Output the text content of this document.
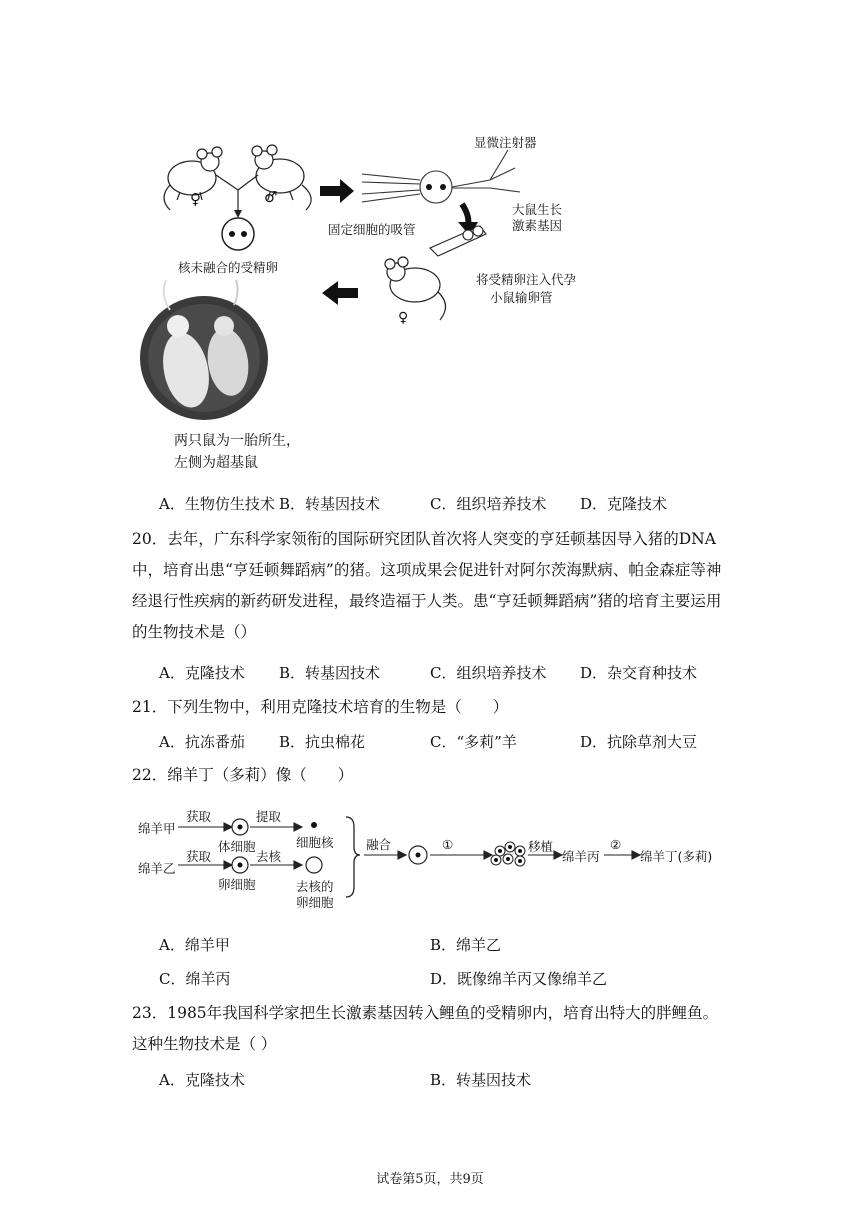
♀	♂
核未融合的受精卵
固定细胞的吸管
显微注射器
大鼠生长
激素基因
将受精卵注入代孕
小鼠输卵管
♀
两只鼠为一胎所生，
左侧为超基鼠
A．生物仿生技术 B．转基因技术	C．组织培养技术 D．克隆技术
20．去年，广东科学家领衔的国际研究团队首次将人突变的亨廷顿基因导入猪的DNA中，培育出患“亨廷顿舞蹈病”的猪。这项成果会促进针对阿尔茨海默病、帕金森症等神经退行性疾病的新药研发进程，最终造福于人类。患“亨廷顿舞蹈病”猪的培育主要运用的生物技术是（）
A．克隆技术 B．转基因技术	C．组织培养技术 D．杂交育种技术
21．下列生物中，利用克隆技术培育的生物是（　　）
A．抗冻番茄 B．抗虫棉花	C．“多莉”羊	D．抗除草剂大豆
22．绵羊丁（多莉）像（　　）
绵羊甲
获取	提取
体细胞	细胞核
绵羊乙
获取	去核
卵细胞	去核的
卵细胞
融合	①	移植
绵羊丙
②
绵羊丁(多莉)
A．绵羊甲	B．绵羊乙
C．绵羊丙	D．既像绵羊丙又像绵羊乙
23．1985年我国科学家把生长激素基因转入鲤鱼的受精卵内，培育出特大的胖鲤鱼。这种生物技术是（ ）
A．克隆技术	B．转基因技术
试卷第5页，共9页
